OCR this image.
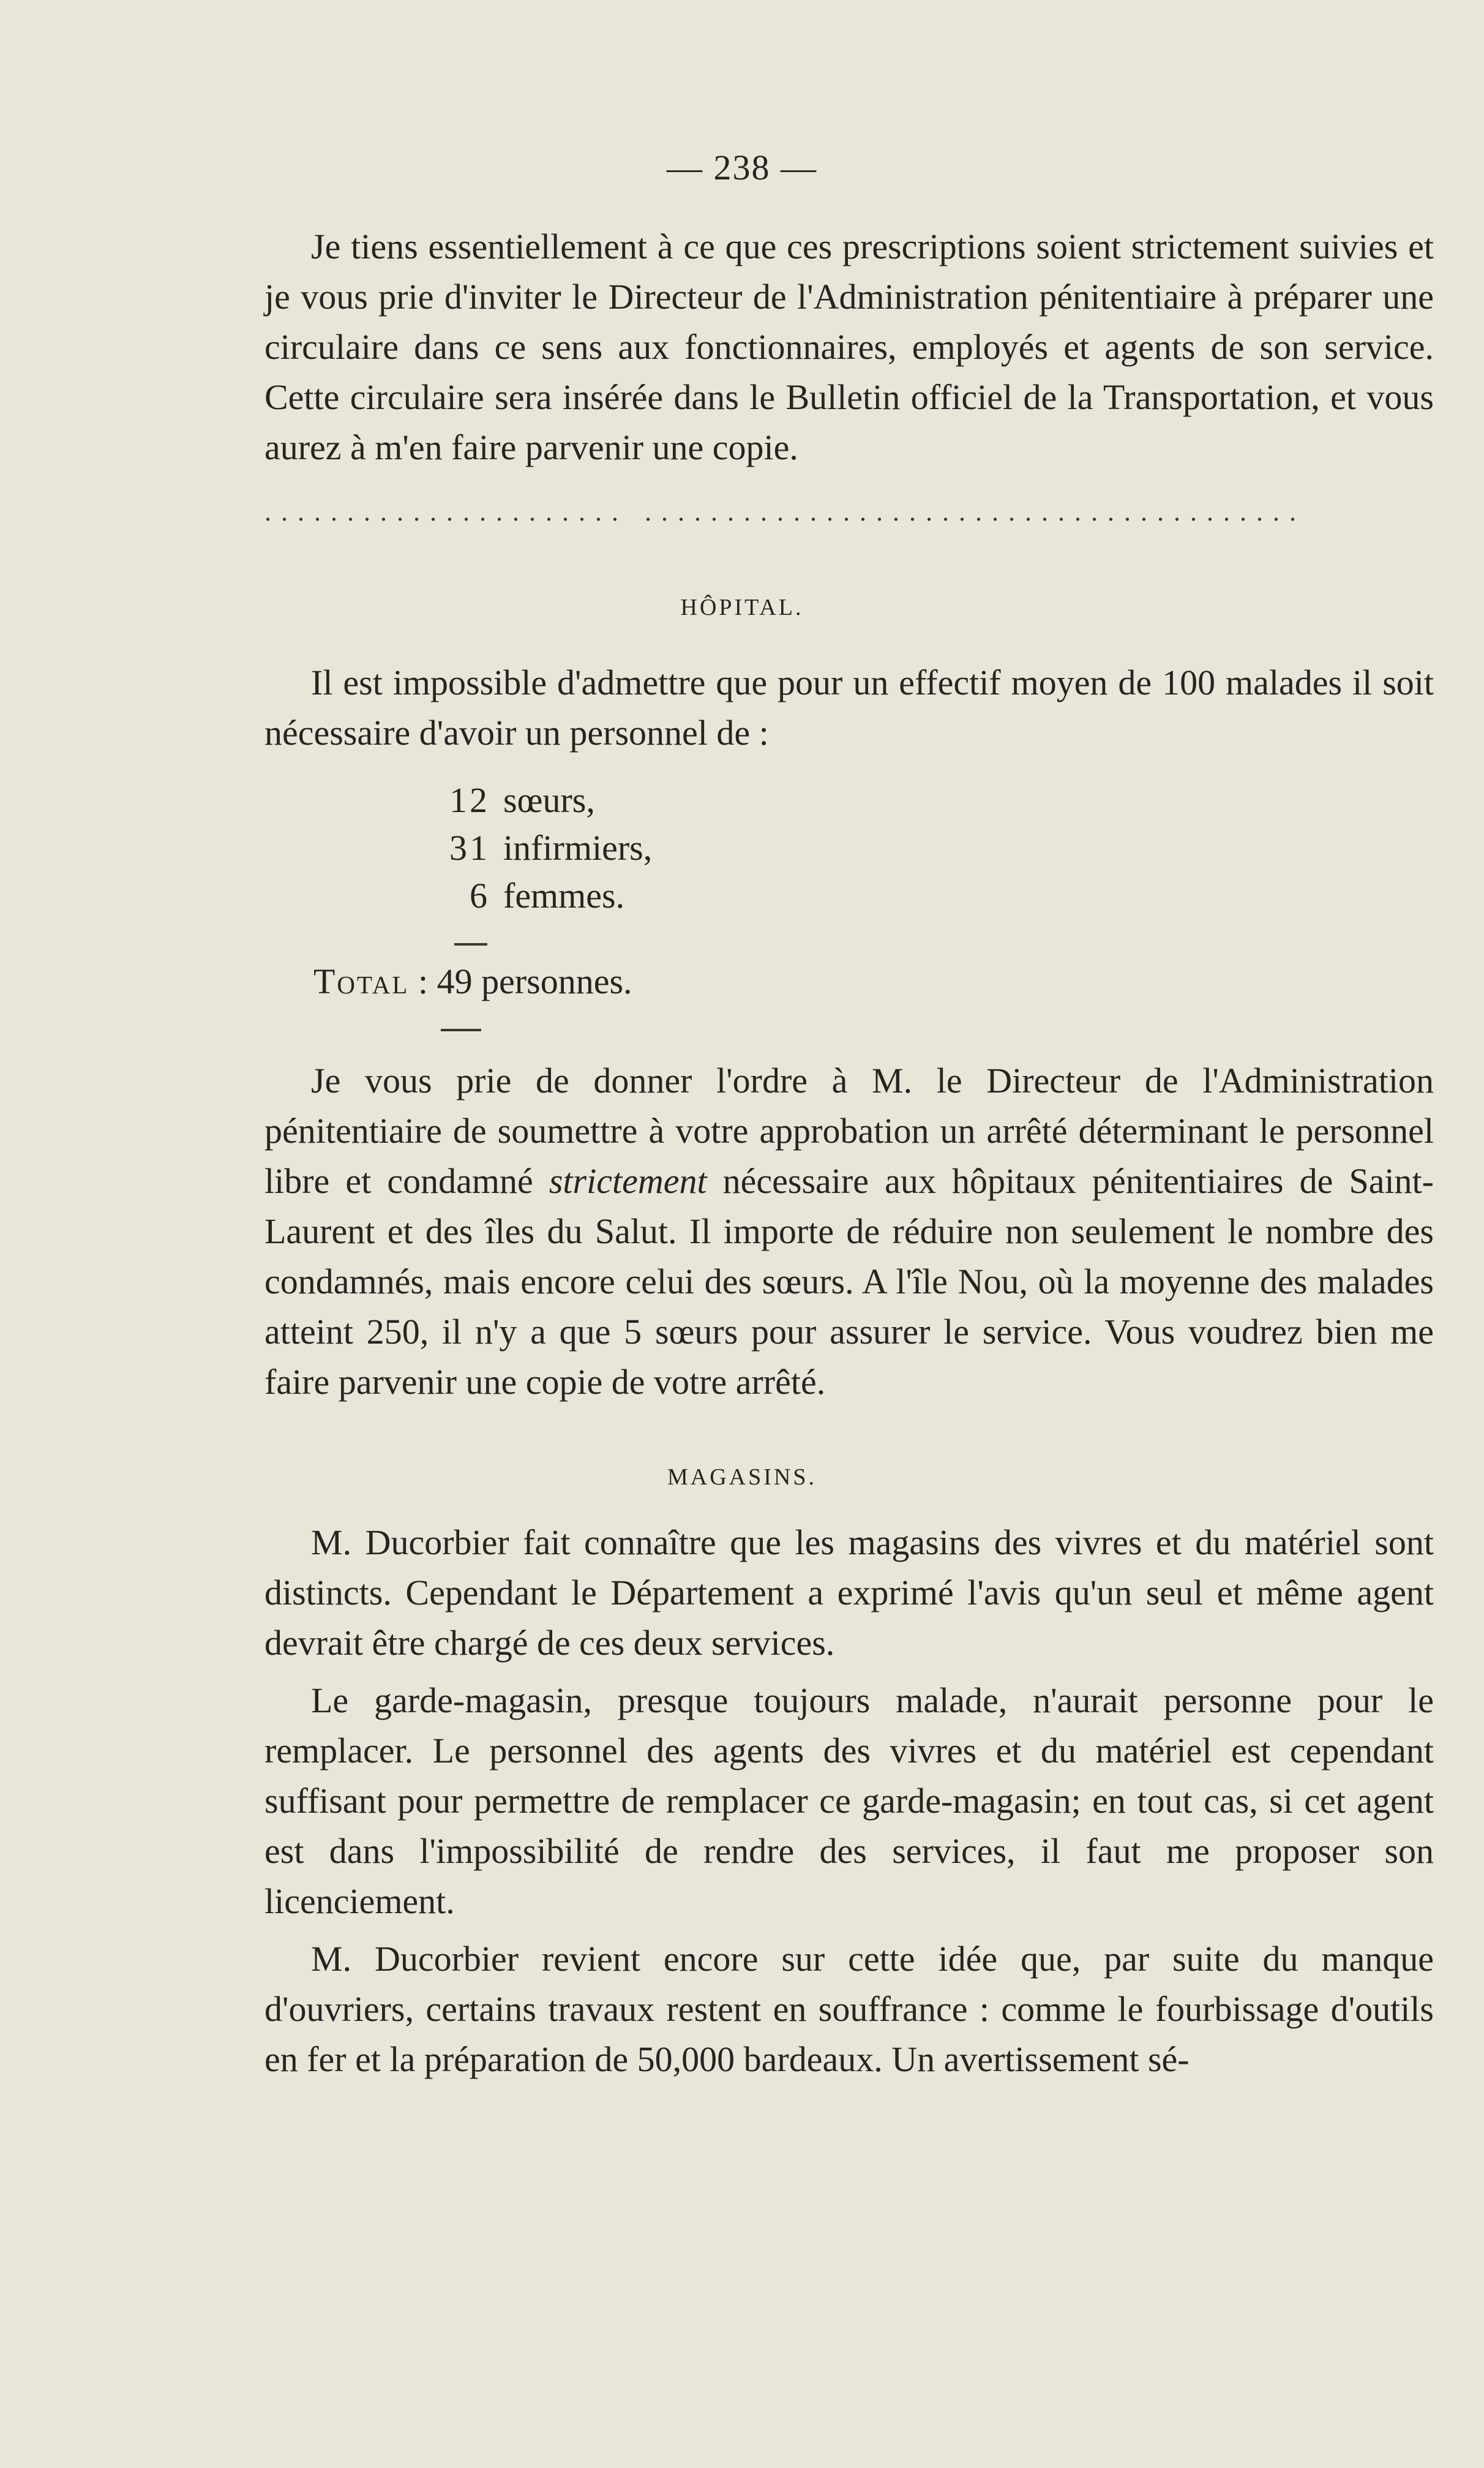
— 238 —

Je tiens essentiellement à ce que ces prescriptions soient strictement suivies et je vous prie d'inviter le Directeur de l'Administration pénitentiaire à préparer une circulaire dans ce sens aux fonctionnaires, employés et agents de son service. Cette circulaire sera insérée dans le Bulletin officiel de la Transportation, et vous aurez à m'en faire parvenir une copie.

...................... ........................................
HÔPITAL.

Il est impossible d'admettre que pour un effectif moyen de 100 malades il soit nécessaire d'avoir un personnel de :

12 sœurs,
31 infirmiers,
6 femmes.
Total : 49 personnes.

Je vous prie de donner l'ordre à M. le Directeur de l'Administration pénitentiaire de soumettre à votre approbation un arrêté déterminant le personnel libre et condamné strictement nécessaire aux hôpitaux pénitentiaires de Saint-Laurent et des îles du Salut. Il importe de réduire non seulement le nombre des condamnés, mais encore celui des sœurs. A l'île Nou, où la moyenne des malades atteint 250, il n'y a que 5 sœurs pour assurer le service. Vous voudrez bien me faire parvenir une copie de votre arrêté.

MAGASINS.

M. Ducorbier fait connaître que les magasins des vivres et du matériel sont distincts. Cependant le Département a exprimé l'avis qu'un seul et même agent devrait être chargé de ces deux services.

Le garde-magasin, presque toujours malade, n'aurait personne pour le remplacer. Le personnel des agents des vivres et du matériel est cependant suffisant pour permettre de remplacer ce garde-magasin; en tout cas, si cet agent est dans l'impossibilité de rendre des services, il faut me proposer son licenciement.

M. Ducorbier revient encore sur cette idée que, par suite du manque d'ouvriers, certains travaux restent en souffrance : comme le fourbissage d'outils en fer et la préparation de 50,000 bardeaux. Un avertissement sé-
